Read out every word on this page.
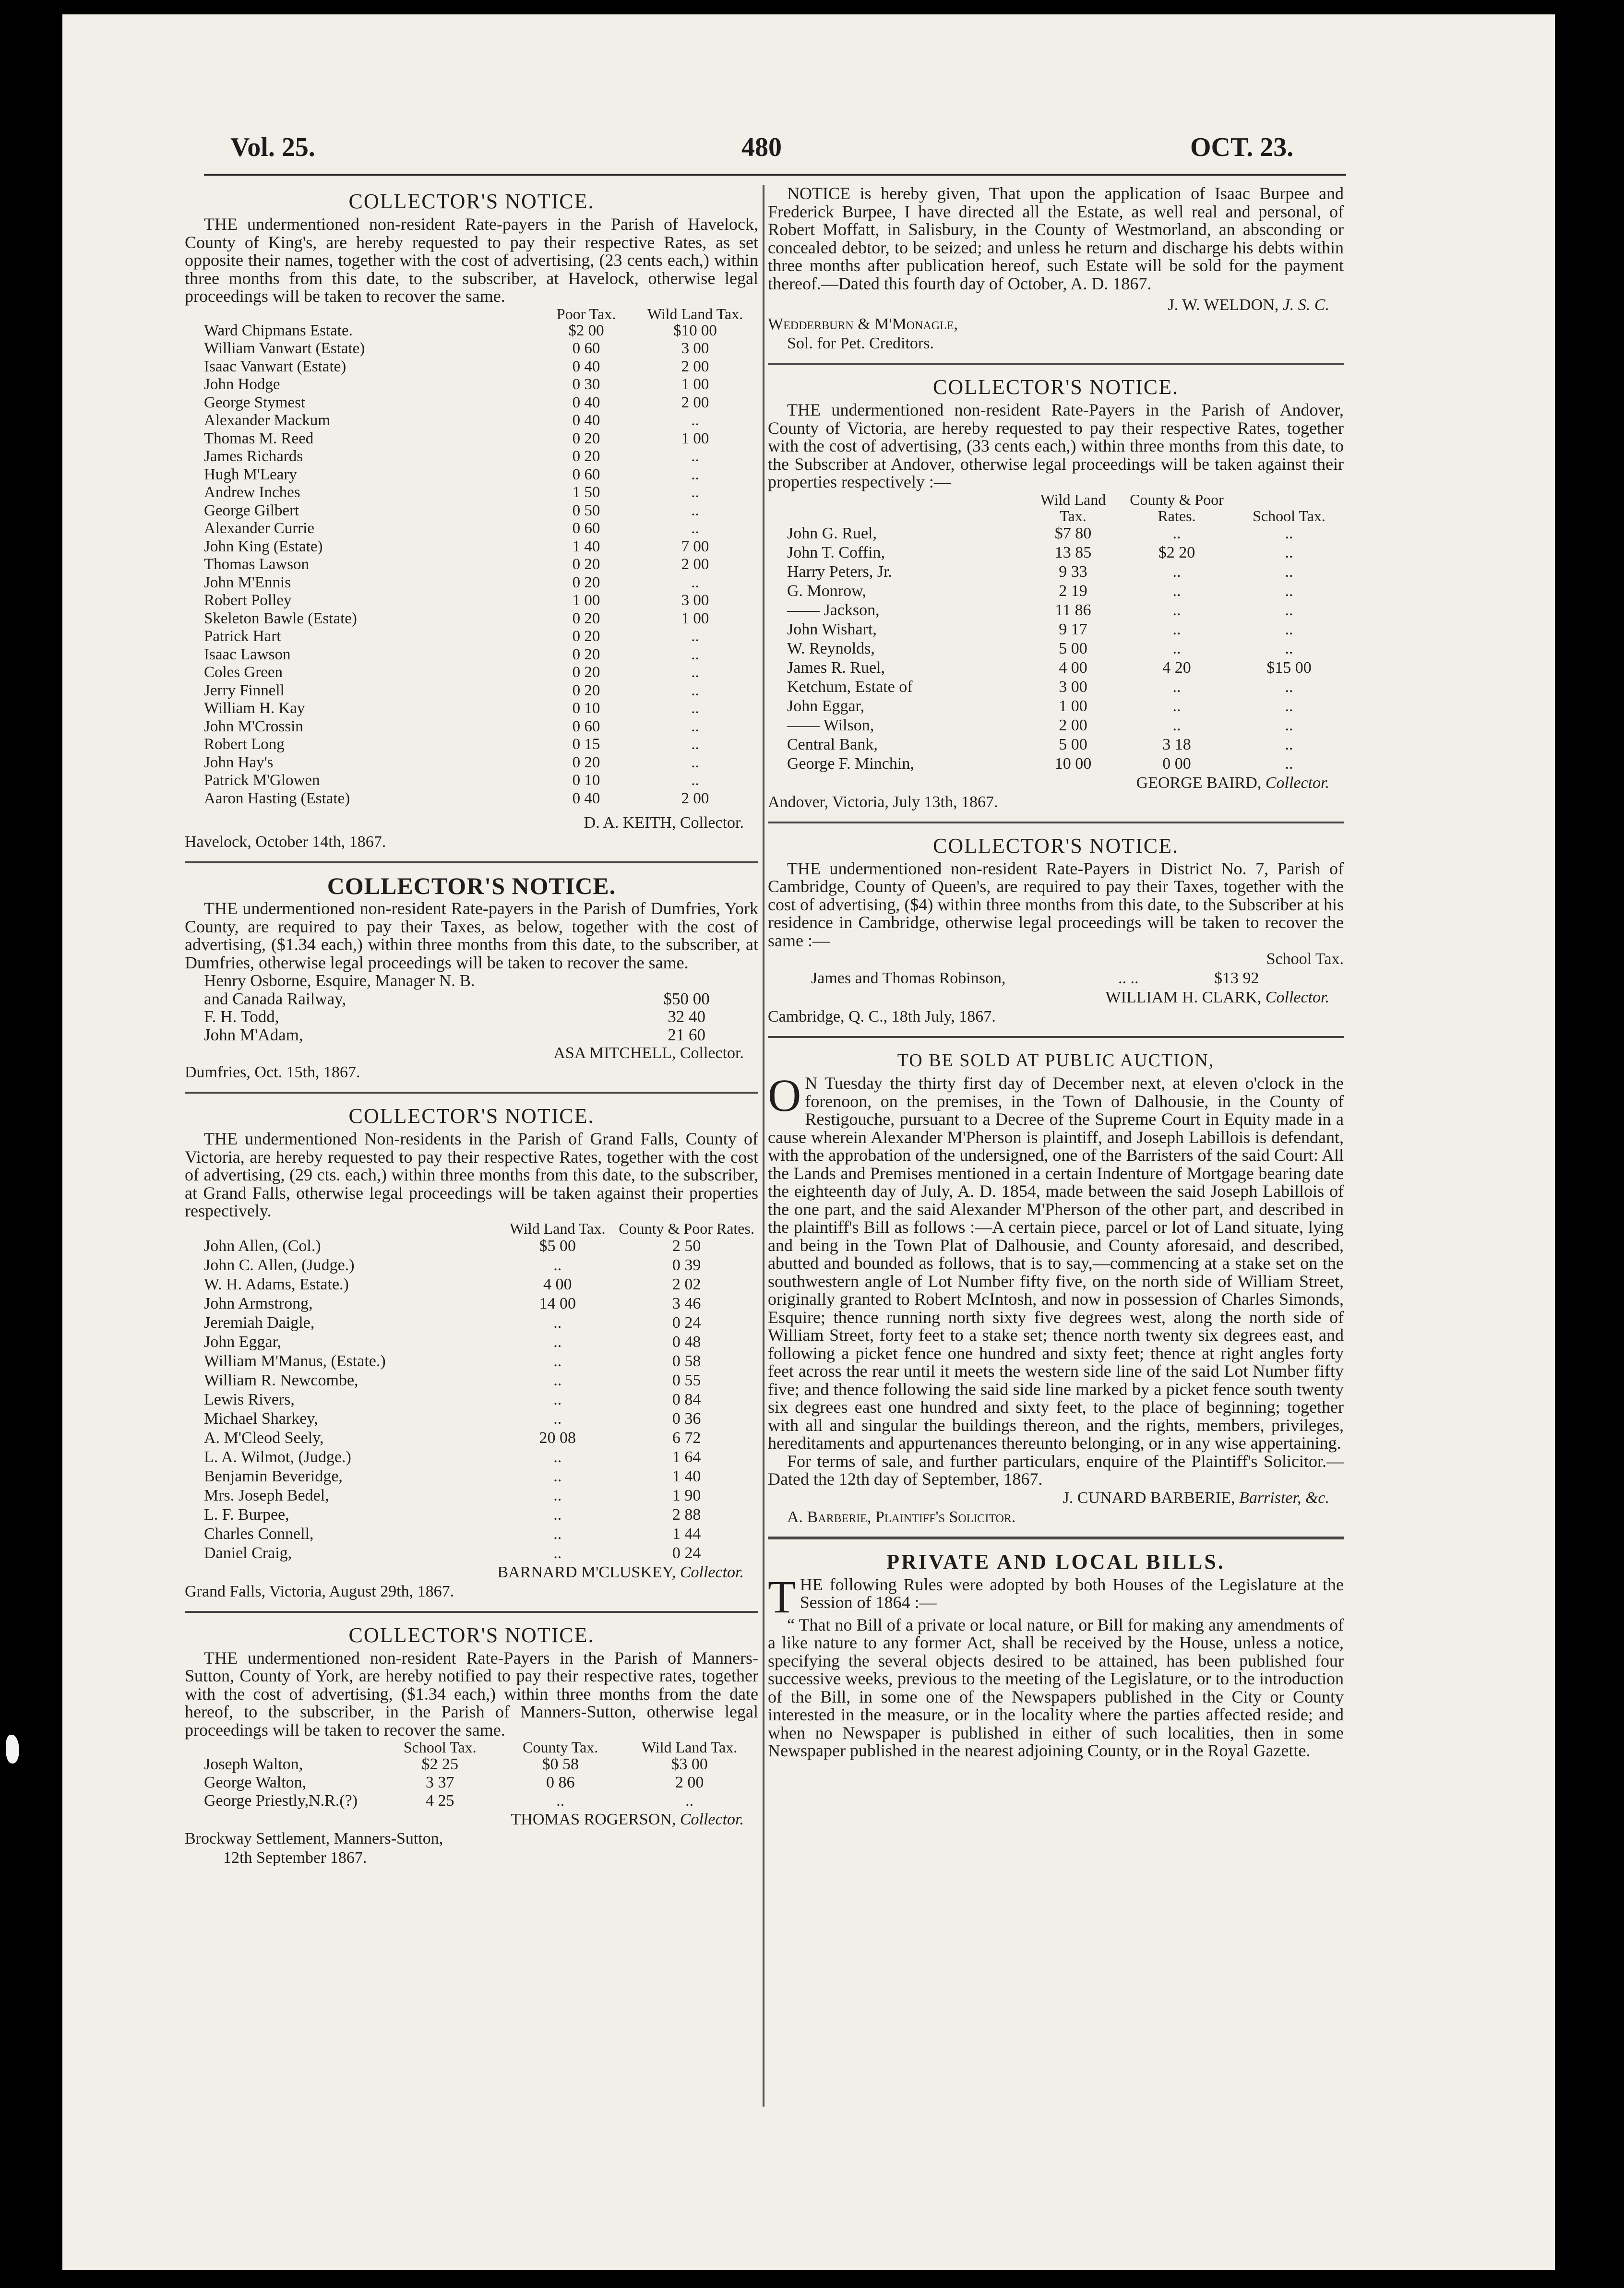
Vol. 25.	480	OCT. 23.
COLLECTOR'S NOTICE.

THE undermentioned non-resident Rate-payers in the Parish of Havelock, County of King's, are hereby requested to pay their respective Rates, as set opposite their names, together with the cost of advertising, (23 cents each,) within three months from this date, to the subscriber, at Havelock, otherwise legal proceedings will be taken to recover the same.

	Poor Tax.	Wild Land Tax.
Ward Chipmans Estate.	$2 00	$10 00
William Vanwart (Estate)	0 60	3 00
Isaac Vanwart (Estate)	0 40	2 00
John Hodge	0 30	1 00
George Stymest	0 40	2 00
Alexander Mackum	0 40	..
Thomas M. Reed	0 20	1 00
James Richards	0 20	..
Hugh M'Leary	0 60	..
Andrew Inches	1 50	..
George Gilbert	0 50	..
Alexander Currie	0 60	..
John King (Estate)	1 40	7 00
Thomas Lawson	0 20	2 00
John M'Ennis	0 20	..
Robert Polley	1 00	3 00
Skeleton Bawle (Estate)	0 20	1 00
Patrick Hart	0 20	..
Isaac Lawson	0 20	..
Coles Green	0 20	..
Jerry Finnell	0 20	..
William H. Kay	0 10	..
John M'Crossin	0 60	..
Robert Long	0 15	..
John Hay's	0 20	..
Patrick M'Glowen	0 10	..
Aaron Hasting (Estate)	0 40	2 00
D. A. KEITH, Collector.
Havelock, October 14th, 1867.
COLLECTOR'S NOTICE.

THE undermentioned non-resident Rate-payers in the Parish of Dumfries, York County, are required to pay their Taxes, as below, together with the cost of advertising, ($1.34 each,) within three months from this date, to the subscriber, at Dumfries, otherwise legal proceedings will be taken to recover the same.

Henry Osborne, Esquire, Manager N. B.	
and Canada Railway,	$50 00
F. H. Todd,	32 40
John M'Adam,	21 60
ASA MITCHELL, Collector.
Dumfries, Oct. 15th, 1867.
COLLECTOR'S NOTICE.

THE undermentioned Non-residents in the Parish of Grand Falls, County of Victoria, are hereby requested to pay their respective Rates, together with the cost of advertising, (29 cts. each,) within three months from this date, to the subscriber, at Grand Falls, otherwise legal proceedings will be taken against their properties respectively.

	Wild Land Tax.	County & Poor Rates.
John Allen, (Col.)	$5 00	2 50
John C. Allen, (Judge.)	..	0 39
W. H. Adams, Estate.)	4 00	2 02
John Armstrong,	14 00	3 46
Jeremiah Daigle,	..	0 24
John Eggar,	..	0 48
William M'Manus, (Estate.)	..	0 58
William R. Newcombe,	..	0 55
Lewis Rivers,	..	0 84
Michael Sharkey,	..	0 36
A. M'Cleod Seely,	20 08	6 72
L. A. Wilmot, (Judge.)	..	1 64
Benjamin Beveridge,	..	1 40
Mrs. Joseph Bedel,	..	1 90
L. F. Burpee,	..	2 88
Charles Connell,	..	1 44
Daniel Craig,	..	0 24
BARNARD M'CLUSKEY, Collector.
Grand Falls, Victoria, August 29th, 1867.
COLLECTOR'S NOTICE.

THE undermentioned non-resident Rate-Payers in the Parish of Manners-Sutton, County of York, are hereby notified to pay their respective rates, together with the cost of advertising, ($1.34 each,) within three months from the date hereof, to the subscriber, in the Parish of Manners-Sutton, otherwise legal proceedings will be taken to recover the same.

	School Tax.	County Tax.	Wild Land Tax.
Joseph Walton,	$2 25	$0 58	$3 00
George Walton,	3 37	0 86	2 00
George Priestly,N.R.(?)	4 25	..	..
THOMAS ROGERSON, Collector.
Brockway Settlement, Manners-Sutton,
12th September 1867.

NOTICE is hereby given, That upon the application of Isaac Burpee and Frederick Burpee, I have directed all the Estate, as well real and personal, of Robert Moffatt, in Salisbury, in the County of Westmorland, an absconding or concealed debtor, to be seized; and unless he return and discharge his debts within three months after publication hereof, such Estate will be sold for the payment thereof.—Dated this fourth day of October, A. D. 1867.

J. W. WELDON, J. S. C.
Wedderburn & M'Monagle,
Sol. for Pet. Creditors.
COLLECTOR'S NOTICE.

THE undermentioned non-resident Rate-Payers in the Parish of Andover, County of Victoria, are hereby requested to pay their respective Rates, together with the cost of advertising, (33 cents each,) within three months from this date, to the Subscriber at Andover, otherwise legal proceedings will be taken against their properties respectively :—

	Wild Land Tax.	County & Poor Rates.	School Tax.
John G. Ruel,	$7 80	..	..
John T. Coffin,	13 85	$2 20	..
Harry Peters, Jr.	9 33	..	..
G. Monrow,	2 19	..	..
—— Jackson,	11 86	..	..
John Wishart,	9 17	..	..
W. Reynolds,	5 00	..	..
James R. Ruel,	4 00	4 20	$15 00
Ketchum, Estate of	3 00	..	..
John Eggar,	1 00	..	..
—— Wilson,	2 00	..	..
Central Bank,	5 00	3 18	..
George F. Minchin,	10 00	0 00	..
GEORGE BAIRD, Collector.
Andover, Victoria, July 13th, 1867.
COLLECTOR'S NOTICE.

THE undermentioned non-resident Rate-Payers in District No. 7, Parish of Cambridge, County of Queen's, are required to pay their Taxes, together with the cost of advertising, ($4) within three months from this date, to the Subscriber at his residence in Cambridge, otherwise legal proceedings will be taken to recover the same :—

School Tax.
James and Thomas Robinson,	.. ..	$13 92
WILLIAM H. CLARK, Collector.
Cambridge, Q. C., 18th July, 1867.
TO BE SOLD AT PUBLIC AUCTION,
O N Tuesday the thirty first day of December next, at eleven o'clock in the forenoon, on the premises, in the Town of Dalhousie, in the County of Restigouche, pursuant to a Decree of the Supreme Court in Equity made in a cause wherein Alexander M'Pherson is plaintiff, and Joseph Labillois is defendant, with the approbation of the undersigned, one of the Barristers of the said Court: All the Lands and Premises mentioned in a certain Indenture of Mortgage bearing date the eighteenth day of July, A. D. 1854, made between the said Joseph Labillois of the one part, and the said Alexander M'Pherson of the other part, and described in the plaintiff's Bill as follows :—A certain piece, parcel or lot of Land situate, lying and being in the Town Plat of Dalhousie, and County aforesaid, and described, abutted and bounded as follows, that is to say,—commencing at a stake set on the southwestern angle of Lot Number fifty five, on the north side of William Street, originally granted to Robert McIntosh, and now in possession of Charles Simonds, Esquire; thence running north sixty five degrees west, along the north side of William Street, forty feet to a stake set; thence north twenty six degrees east, and following a picket fence one hundred and sixty feet; thence at right angles forty feet across the rear until it meets the western side line of the said Lot Number fifty five; and thence following the said side line marked by a picket fence south twenty six degrees east one hundred and sixty feet, to the place of beginning; together with all and singular the buildings thereon, and the rights, members, privileges, hereditaments and appurtenances thereunto belonging, or in any wise appertaining.

For terms of sale, and further particulars, enquire of the Plaintiff's Solicitor.—Dated the 12th day of September, 1867.

J. CUNARD BARBERIE, Barrister, &c.
A. Barberie, Plaintiff's Solicitor.
PRIVATE AND LOCAL BILLS.
THE following Rules were adopted by both Houses of the Legislature at the Session of 1864 :—

“ That no Bill of a private or local nature, or Bill for making any amendments of a like nature to any former Act, shall be received by the House, unless a notice, specifying the several objects desired to be attained, has been published four successive weeks, previous to the meeting of the Legislature, or to the introduction of the Bill, in some one of the Newspapers published in the City or County interested in the measure, or in the locality where the parties affected reside; and when no Newspaper is published in either of such localities, then in some Newspaper published in the nearest adjoining County, or in the Royal Gazette.
